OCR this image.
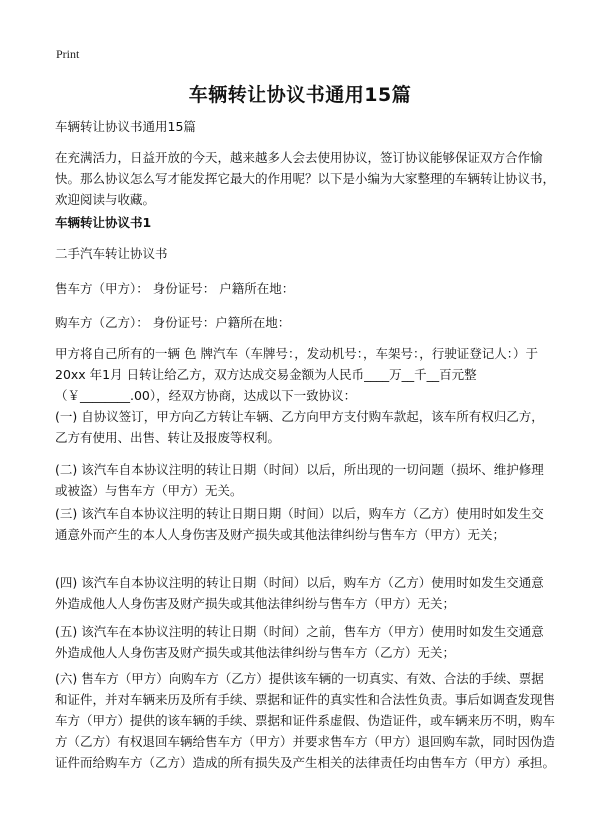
Print
车辆转让协议书通用15篇

车辆转让协议书通用15篇

在充满活力，日益开放的今天，越来越多人会去使用协议，签订协议能够保证双方合作愉快。那么协议怎么写才能发挥它最大的作用呢？以下是小编为大家整理的车辆转让协议书，欢迎阅读与收藏。

车辆转让协议书1

二手汽车转让协议书

售车方（甲方）： 身份证号： 户籍所在地：

购车方（乙方）： 身份证号：户籍所在地：

甲方将自己所有的一辆 色 牌汽车（车牌号：，发动机号：，车架号：，行驶证登记人：）于20xx 年1月 日转让给乙方，双方达成交易金额为人民币____万__千__百元整（￥________.00），经双方协商，达成以下一致协议：

(一) 自协议签订，甲方向乙方转让车辆、乙方向甲方支付购车款起，该车所有权归乙方，乙方有使用、出售、转让及报废等权利。

(二) 该汽车自本协议注明的转让日期（时间）以后，所出现的一切问题（损坏、维护修理或被盗）与售车方（甲方）无关。

(三) 该汽车自本协议注明的转让日期日期（时间）以后，购车方（乙方）使用时如发生交通意外而产生的本人人身伤害及财产损失或其他法律纠纷与售车方（甲方）无关；

(四) 该汽车自本协议注明的转让日期（时间）以后，购车方（乙方）使用时如发生交通意外造成他人人身伤害及财产损失或其他法律纠纷与售车方（甲方）无关；

(五) 该汽车在本协议注明的转让日期（时间）之前，售车方（甲方）使用时如发生交通意外造成他人人身伤害及财产损失或其他法律纠纷与售车方（乙方）无关；

(六) 售车方（甲方）向购车方（乙方）提供该车辆的一切真实、有效、合法的手续、票据和证件，并对车辆来历及所有手续、票据和证件的真实性和合法性负责。事后如调查发现售车方（甲方）提供的该车辆的手续、票据和证件系虚假、伪造证件，或车辆来历不明，购车方（乙方）有权退回车辆给售车方（甲方）并要求售车方（甲方）退回购车款，同时因伪造证件而给购车方（乙方）造成的所有损失及产生相关的法律责任均由售车方（甲方）承担。
